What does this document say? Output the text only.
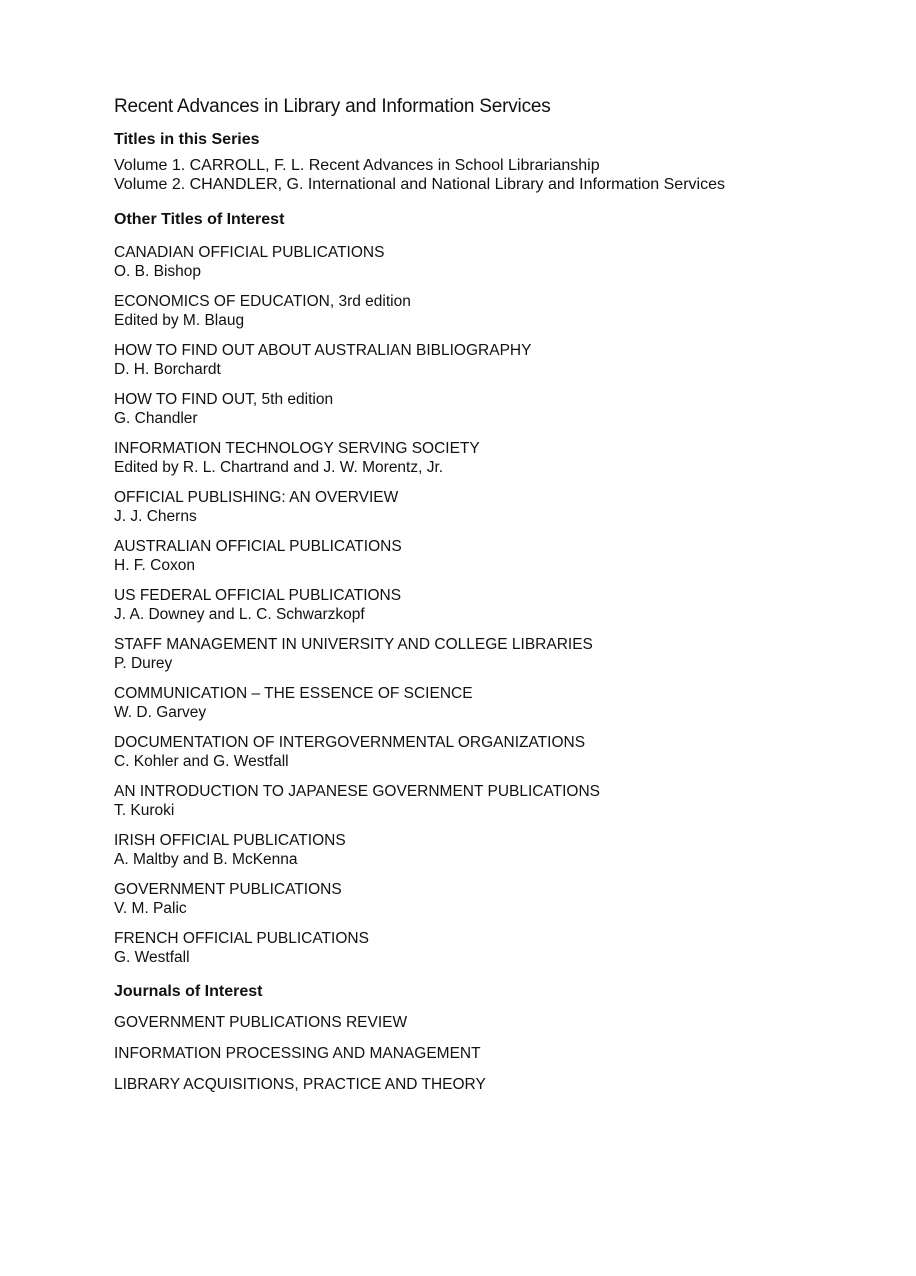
Recent Advances in Library and Information Services
Titles in this Series

Volume 1. CARROLL, F. L. Recent Advances in School Librarianship

Volume 2. CHANDLER, G. International and National Library and Information Services

Other Titles of Interest
CANADIAN OFFICIAL PUBLICATIONS
O. B. Bishop
ECONOMICS OF EDUCATION, 3rd edition
Edited by M. Blaug
HOW TO FIND OUT ABOUT AUSTRALIAN BIBLIOGRAPHY
D. H. Borchardt
HOW TO FIND OUT, 5th edition
G. Chandler
INFORMATION TECHNOLOGY SERVING SOCIETY
Edited by R. L. Chartrand and J. W. Morentz, Jr.
OFFICIAL PUBLISHING: AN OVERVIEW
J. J. Cherns
AUSTRALIAN OFFICIAL PUBLICATIONS
H. F. Coxon
US FEDERAL OFFICIAL PUBLICATIONS
J. A. Downey and L. C. Schwarzkopf
STAFF MANAGEMENT IN UNIVERSITY AND COLLEGE LIBRARIES
P. Durey
COMMUNICATION – THE ESSENCE OF SCIENCE
W. D. Garvey
DOCUMENTATION OF INTERGOVERNMENTAL ORGANIZATIONS
C. Kohler and G. Westfall
AN INTRODUCTION TO JAPANESE GOVERNMENT PUBLICATIONS
T. Kuroki
IRISH OFFICIAL PUBLICATIONS
A. Maltby and B. McKenna
GOVERNMENT PUBLICATIONS
V. M. Palic
FRENCH OFFICIAL PUBLICATIONS
G. Westfall
Journals of Interest

GOVERNMENT PUBLICATIONS REVIEW

INFORMATION PROCESSING AND MANAGEMENT

LIBRARY ACQUISITIONS, PRACTICE AND THEORY
